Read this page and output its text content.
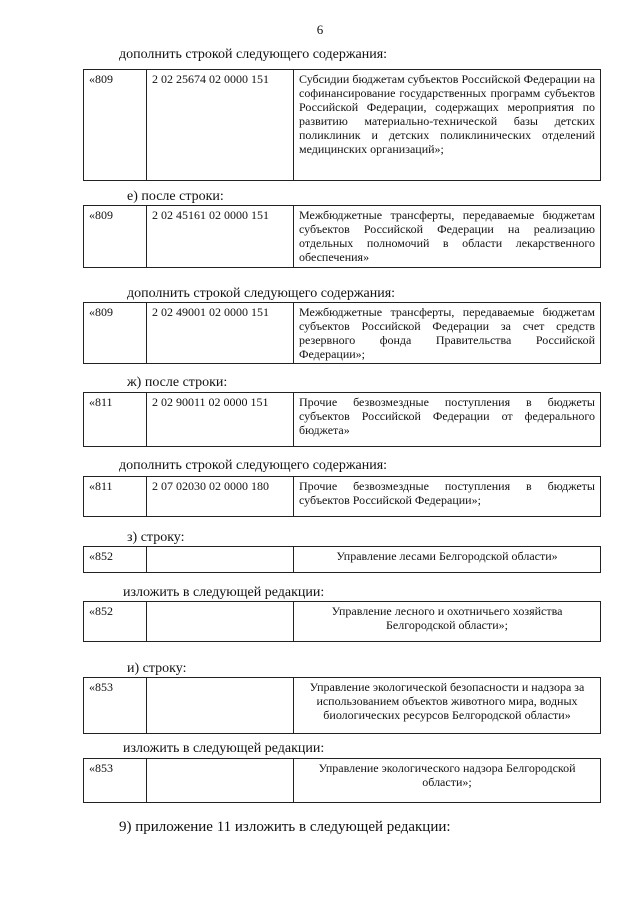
6
дополнить строкой следующего содержания:
«809	2 02 25674 02 0000 151	Субсидии бюджетам субъектов Российской Федерации на софинансирование государственных программ субъектов Российской Федерации, содержащих мероприятия по развитию материально-технической базы детских поликлиник и детских поликлинических отделений медицинских организаций»;
е) после строки:
«809	2 02 45161 02 0000 151	Межбюджетные трансферты, передаваемые бюджетам субъектов Российской Федерации на реализацию отдельных полномочий в области лекарственного обеспечения»
дополнить строкой следующего содержания:
«809	2 02 49001 02 0000 151	Межбюджетные трансферты, передаваемые бюджетам субъектов Российской Федерации за счет средств резервного фонда Правительства Российской Федерации»;
ж) после строки:
«811	2 02 90011 02 0000 151	Прочие безвозмездные поступления в бюджеты субъектов Российской Федерации от федерального бюджета»
дополнить строкой следующего содержания:
«811	2 07 02030 02 0000 180	Прочие безвозмездные поступления в бюджеты субъектов Российской Федерации»;
з) строку:
«852		Управление лесами Белгородской области»
изложить в следующей редакции:
«852		Управление лесного и охотничьего хозяйства Белгородской области»;
и) строку:
«853		Управление экологической безопасности и надзора за использованием объектов животного мира, водных биологических ресурсов Белгородской области»
изложить в следующей редакции:
«853		Управление экологического надзора Белгородской области»;
9) приложение 11 изложить в следующей редакции:
